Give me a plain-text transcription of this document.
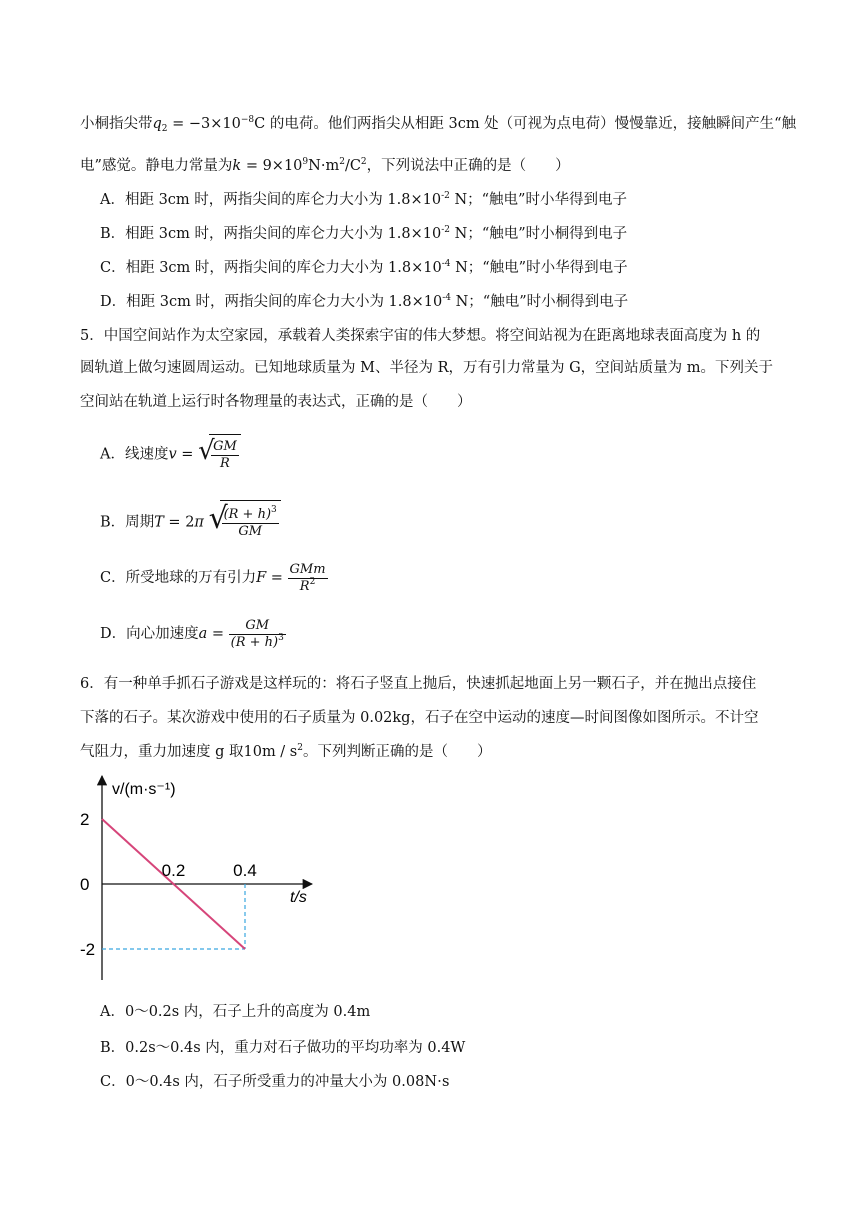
小桐指尖带$q_2 = -3\times 10^{-8}C$ 的电荷。他们两指尖从相距 3cm 处（可视为点电荷）慢慢靠近，接触瞬间产生“触
电”感觉。静电力常量为$k = 9\times 10^9N\cdot m^2/C^2$，下列说法中正确的是（　　）
A．相距 3cm 时，两指尖间的库仑力大小为 $1.8\times 10^{-2}$ N；“触电”时小华得到电子
B．相距 3cm 时，两指尖间的库仑力大小为 $1.8\times 10^{-2}$ N；“触电”时小桐得到电子
C．相距 3cm 时，两指尖间的库仑力大小为 $1.8\times 10^{-4}$ N；“触电”时小华得到电子
D．相距 3cm 时，两指尖间的库仑力大小为 $1.8\times 10^{-4}$ N；“触电”时小桐得到电子
5．中国空间站作为太空家园，承载着人类探索宇宙的伟大梦想。将空间站视为在距离地球表面高度为 h 的
圆轨道上做匀速圆周运动。已知地球质量为 M、半径为 R，万有引力常量为 G，空间站质量为 m。下列关于
空间站在轨道上运行时各物理量的表达式，正确的是（　　）
A．线速度v = √
$\frac{GM}{R}$
B．周期T = 2π √
$\frac{(R + h)^3}{GM}$
C．所受地球的万有引力$F = \frac{\text{GMm}}{R^2}$
D．向心加速度$a = \frac{GM}{(R + h)^3}$
6．有一种单手抓石子游戏是这样玩的：将石子竖直上抛后，快速抓起地面上另一颗石子，并在抛出点接住
下落的石子。某次游戏中使用的石子质量为 0.02kg，石子在空中运动的速度—时间图像如图所示。不计空
气阻力，重力加速度 g 取$10m / s^2$。下列判断正确的是（　　）
v/(m·s⁻¹)
t/s
2
0
-2
0.2	0.4
A．0～0.2s 内，石子上升的高度为 0.4m
B．0.2s～0.4s 内，重力对石子做功的平均功率为 0.4W
C．0～0.4s 内，石子所受重力的冲量大小为 0.08N⋅s
